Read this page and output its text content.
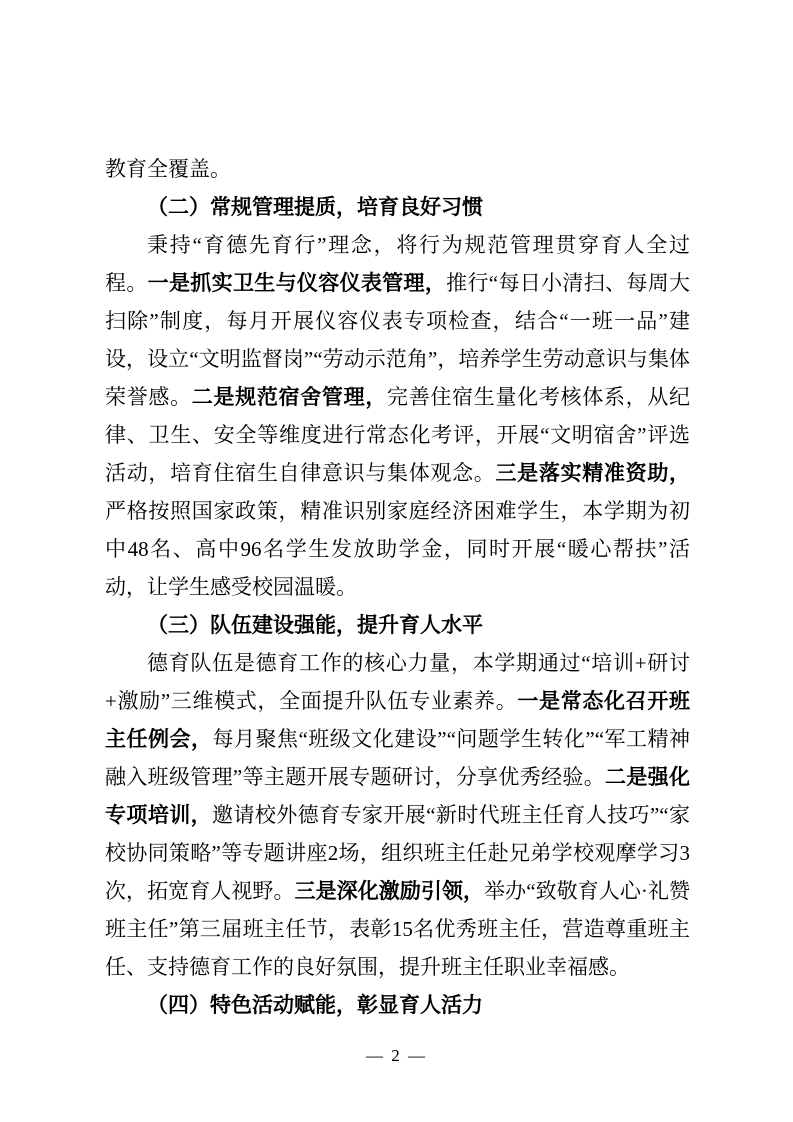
教育全覆盖。

（二）常规管理提质，培育良好习惯

秉持“育德先育行”理念，将行为规范管理贯穿育人全过程。一是抓实卫生与仪容仪表管理，推行“每日小清扫、每周大扫除”制度，每月开展仪容仪表专项检查，结合“一班一品”建设，设立“文明监督岗”“劳动示范角”，培养学生劳动意识与集体荣誉感。二是规范宿舍管理，完善住宿生量化考核体系，从纪律、卫生、安全等维度进行常态化考评，开展“文明宿舍”评选活动，培育住宿生自律意识与集体观念。三是落实精准资助，严格按照国家政策，精准识别家庭经济困难学生，本学期为初中48名、高中96名学生发放助学金，同时开展“暖心帮扶”活动，让学生感受校园温暖。

（三）队伍建设强能，提升育人水平

德育队伍是德育工作的核心力量，本学期通过“培训+研讨+激励”三维模式，全面提升队伍专业素养。一是常态化召开班主任例会，每月聚焦“班级文化建设”“问题学生转化”“军工精神融入班级管理”等主题开展专题研讨，分享优秀经验。二是强化专项培训，邀请校外德育专家开展“新时代班主任育人技巧”“家校协同策略”等专题讲座2场，组织班主任赴兄弟学校观摩学习3次，拓宽育人视野。三是深化激励引领，举办“致敬育人心·礼赞班主任”第三届班主任节，表彰15名优秀班主任，营造尊重班主任、支持德育工作的良好氛围，提升班主任职业幸福感。

（四）特色活动赋能，彰显育人活力

— 2 —
